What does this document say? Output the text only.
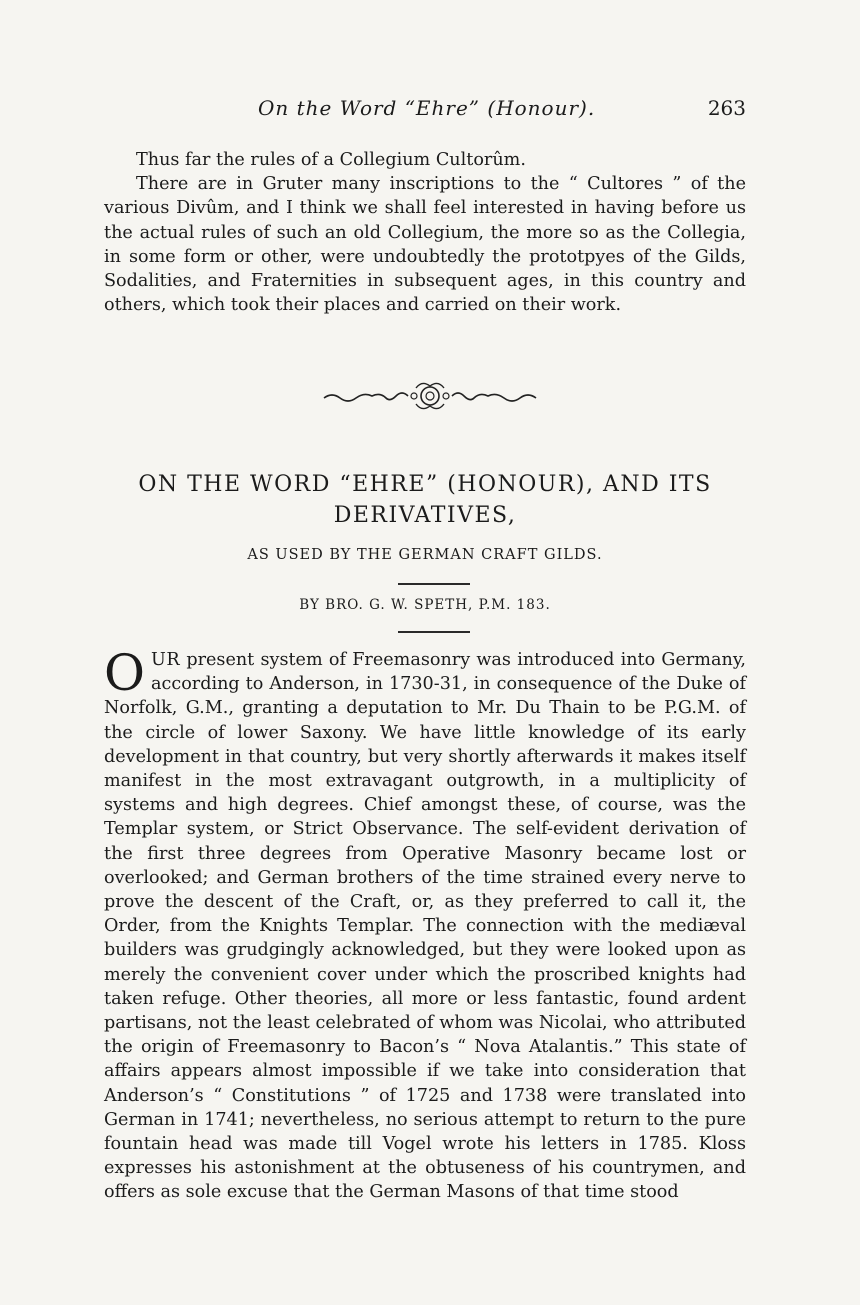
On the Word “Ehre” (Honour).	263

Thus far the rules of a Collegium Cultorûm.

There are in Gruter many inscriptions to the “ Cultores ” of the various Divûm, and I think we shall feel interested in having before us the actual rules of such an old Collegium, the more so as the Collegia, in some form or other, were undoubtedly the prototpyes of the Gilds, Sodalities, and Fraternities in subsequent ages, in this country and others, which took their places and carried on their work.

ON THE WORD “EHRE” (HONOUR), AND ITS
DERIVATIVES,
AS USED BY THE GERMAN CRAFT GILDS.
BY BRO. G. W. SPETH, P.M. 183.

OUR present system of Freemasonry was introduced into Germany, according to Anderson, in 1730-31, in consequence of the Duke of Norfolk, G.M., granting a deputation to Mr. Du Thain to be P.G.M. of the circle of lower Saxony. We have little knowledge of its early development in that country, but very shortly afterwards it makes itself manifest in the most extravagant outgrowth, in a multiplicity of systems and high degrees. Chief amongst these, of course, was the Templar system, or Strict Observance. The self-evident derivation of the first three degrees from Operative Masonry became lost or overlooked; and German brothers of the time strained every nerve to prove the descent of the Craft, or, as they preferred to call it, the Order, from the Knights Templar. The connection with the mediæval builders was grudgingly acknowledged, but they were looked upon as merely the convenient cover under which the proscribed knights had taken refuge. Other theories, all more or less fantastic, found ardent partisans, not the least celebrated of whom was Nicolai, who attributed the origin of Freemasonry to Bacon’s “ Nova Atalantis.” This state of affairs appears almost impossible if we take into consideration that Anderson’s “ Constitutions ” of 1725 and 1738 were translated into German in 1741; nevertheless, no serious attempt to return to the pure fountain head was made till Vogel wrote his letters in 1785. Kloss expresses his astonishment at the obtuseness of his countrymen, and offers as sole excuse that the German Masons of that time stood
